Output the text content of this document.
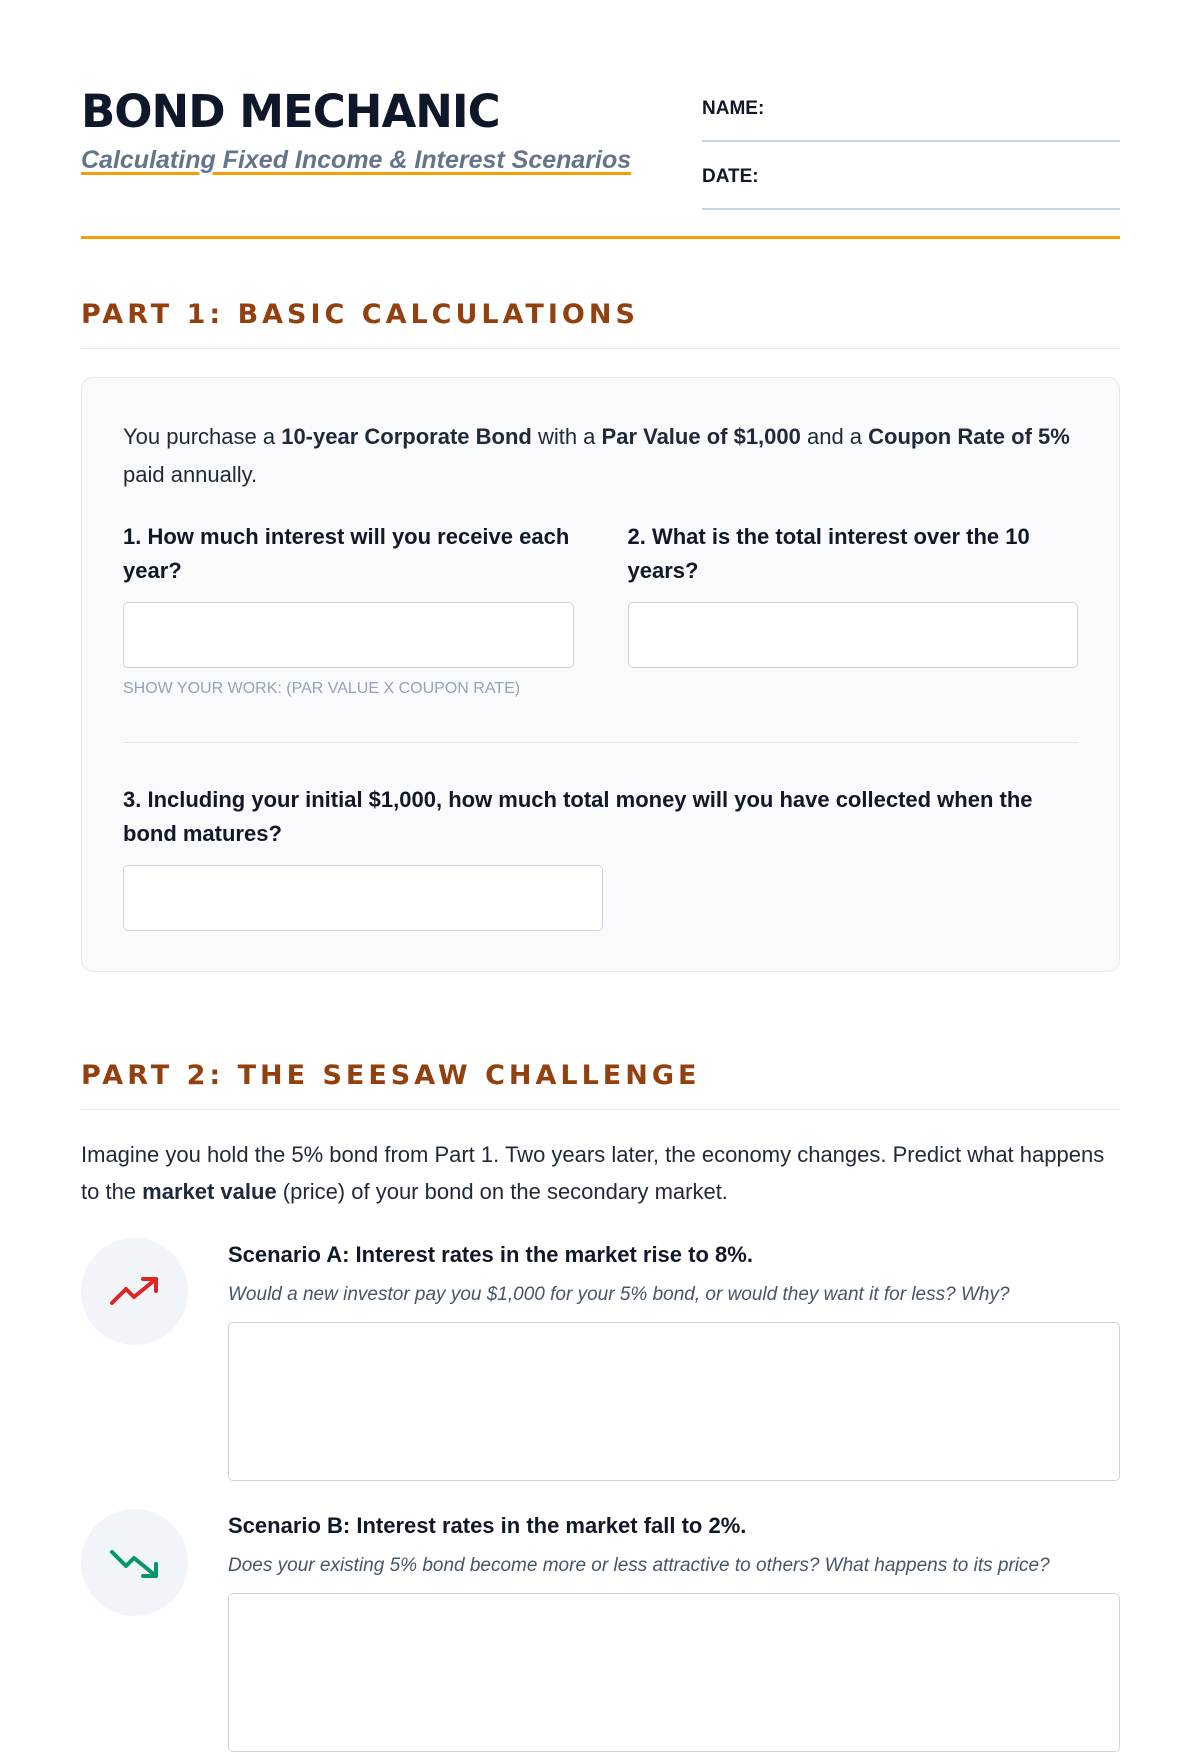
BOND MECHANIC
Calculating Fixed Income & Interest Scenarios
NAME:
DATE:
PART 1: BASIC CALCULATIONS
You purchase a 10-year Corporate Bond with a Par Value of $1,000 and a Coupon Rate of 5% paid annually.
1. How much interest will you receive each year?
SHOW YOUR WORK: (PAR VALUE X COUPON RATE)
2. What is the total interest over the 10 years?
3. Including your initial $1,000, how much total money will you have collected when the bond matures?
PART 2: THE SEESAW CHALLENGE
Imagine you hold the 5% bond from Part 1. Two years later, the economy changes. Predict what happens to the market value (price) of your bond on the secondary market.
Scenario A: Interest rates in the market rise to 8%.
Would a new investor pay you $1,000 for your 5% bond, or would they want it for less? Why?
Scenario B: Interest rates in the market fall to 2%.
Does your existing 5% bond become more or less attractive to others? What happens to its price?
